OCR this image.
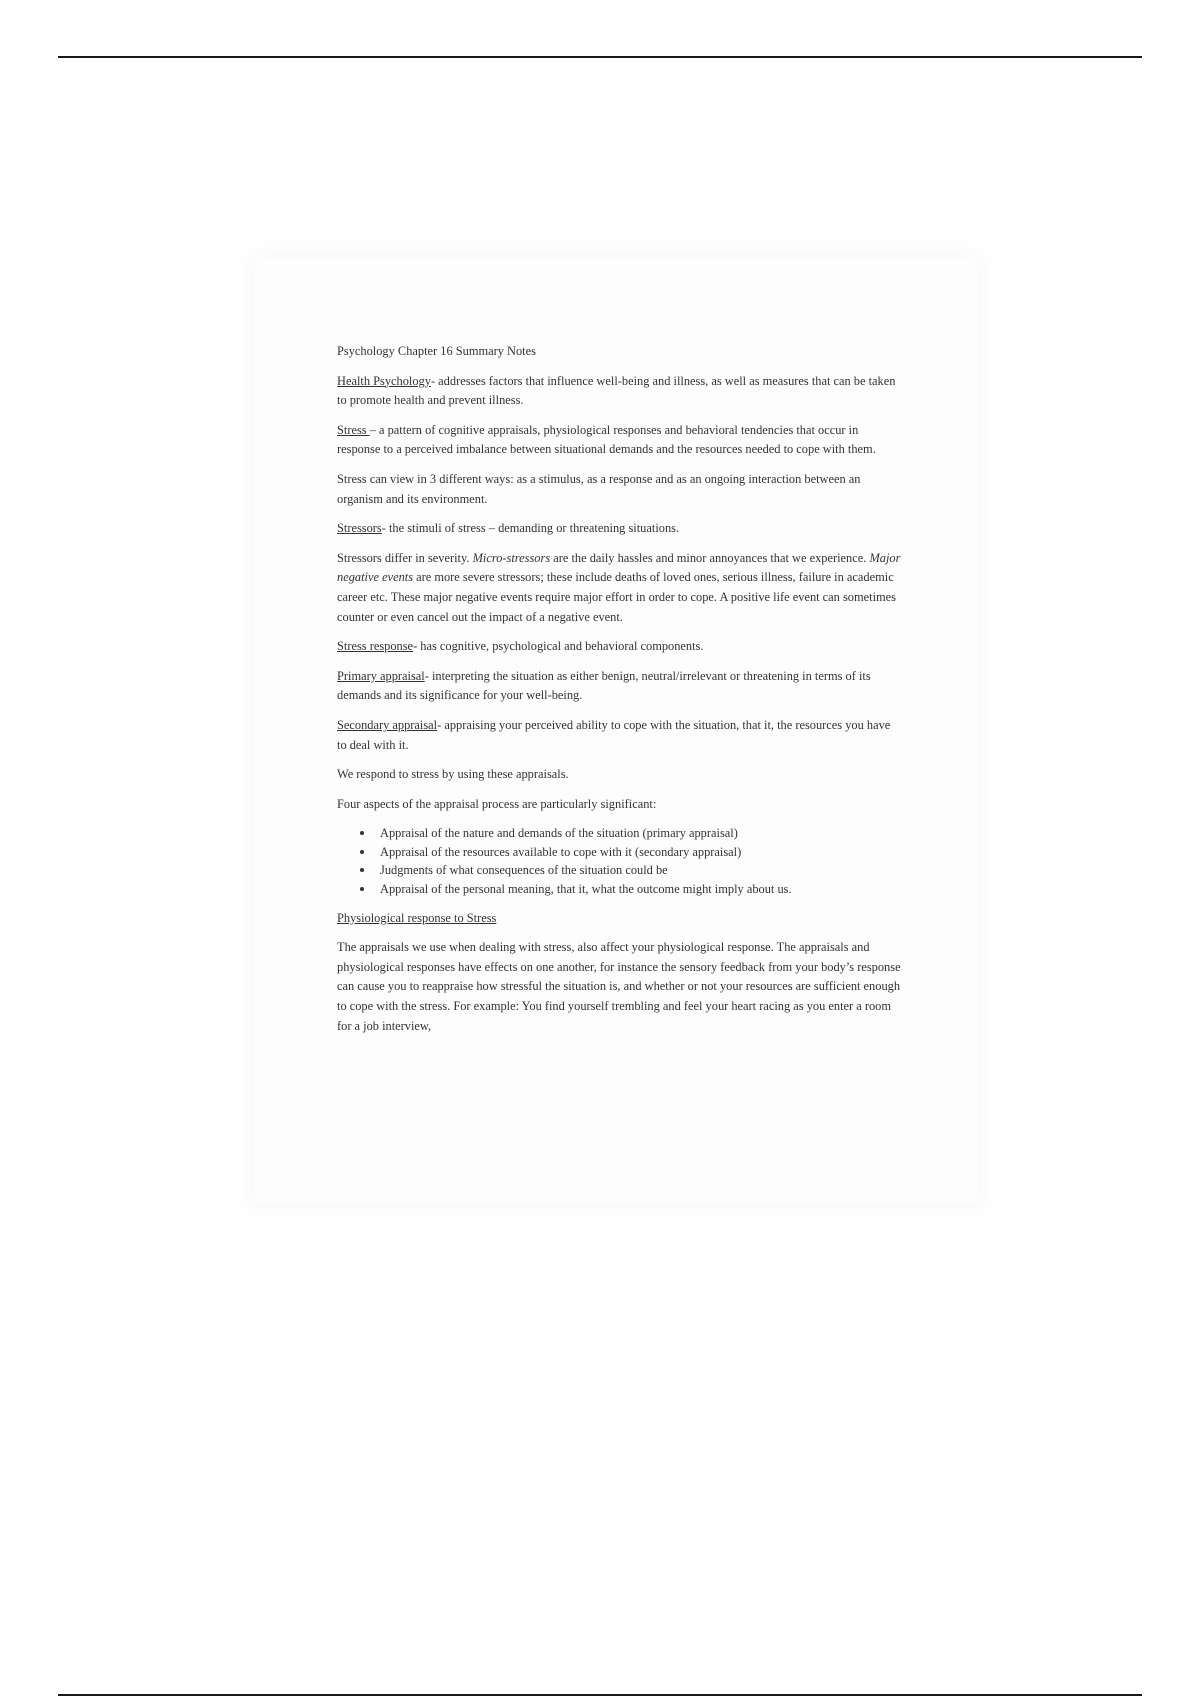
Psychology Chapter 16 Summary Notes

Health Psychology- addresses factors that influence well-being and illness, as well as measures that can be taken to promote health and prevent illness.

Stress – a pattern of cognitive appraisals, physiological responses and behavioral tendencies that occur in response to a perceived imbalance between situational demands and the resources needed to cope with them.

Stress can view in 3 different ways: as a stimulus, as a response and as an ongoing interaction between an organism and its environment.

Stressors- the stimuli of stress – demanding or threatening situations.

Stressors differ in severity. Micro-stressors are the daily hassles and minor annoyances that we experience. Major negative events are more severe stressors; these include deaths of loved ones, serious illness, failure in academic career etc. These major negative events require major effort in order to cope. A positive life event can sometimes counter or even cancel out the impact of a negative event.

Stress response- has cognitive, psychological and behavioral components.

Primary appraisal- interpreting the situation as either benign, neutral/irrelevant or threatening in terms of its demands and its significance for your well-being.

Secondary appraisal- appraising your perceived ability to cope with the situation, that it, the resources you have to deal with it.

We respond to stress by using these appraisals.

Four aspects of the appraisal process are particularly significant:

Appraisal of the nature and demands of the situation (primary appraisal)
Appraisal of the resources available to cope with it (secondary appraisal)
Judgments of what consequences of the situation could be
Appraisal of the personal meaning, that it, what the outcome might imply about us.

Physiological response to Stress

The appraisals we use when dealing with stress, also affect your physiological response. The appraisals and physiological responses have effects on one another, for instance the sensory feedback from your body’s response can cause you to reappraise how stressful the situation is, and whether or not your resources are sufficient enough to cope with the stress. For example: You find yourself trembling and feel your heart racing as you enter a room for a job interview,
